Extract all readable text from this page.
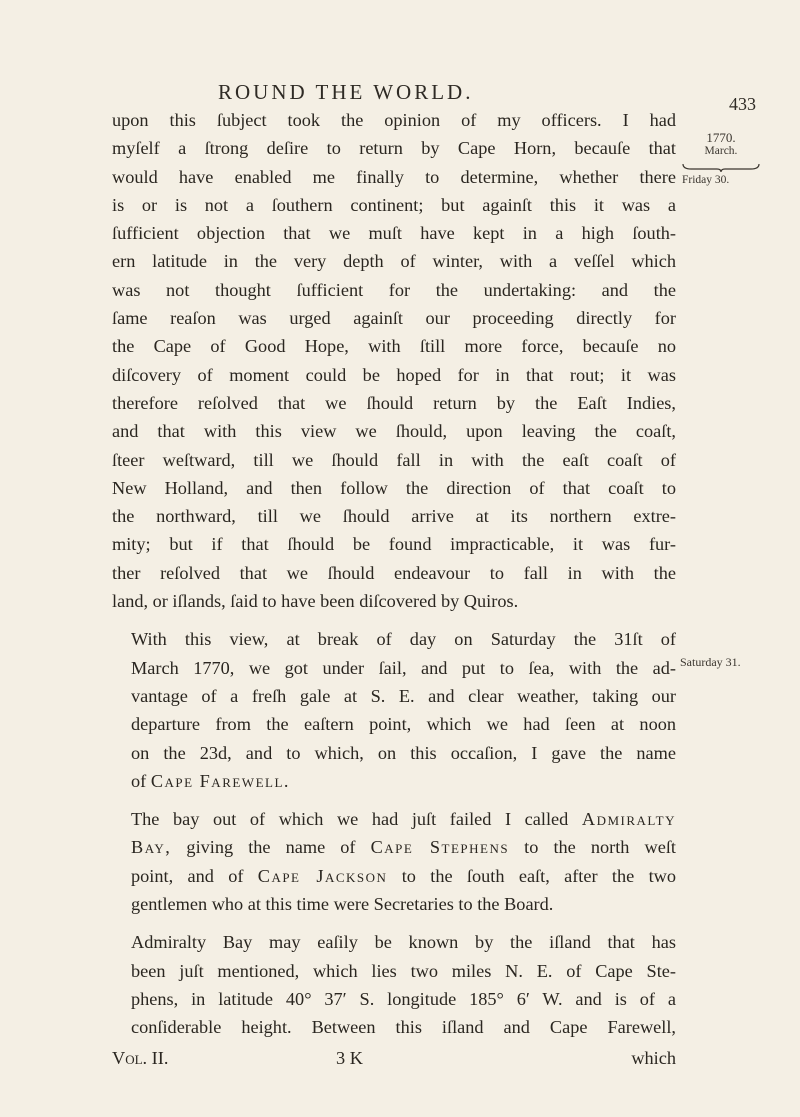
ROUND THE WORLD.	433
1770.
March.
Friday 30.
Saturday 31.

upon this ſubject took the opinion of my officers. I had
myſelf a ſtrong deſire to return by Cape Horn, becauſe that
would have enabled me finally to determine, whether there
is or is not a ſouthern continent; but againſt this it was a
ſufficient objection that we muſt have kept in a high ſouth-
ern latitude in the very depth of winter, with a veſſel which
was not thought ſufficient for the undertaking: and the
ſame reaſon was urged againſt our proceeding directly for
the Cape of Good Hope, with ſtill more force, becauſe no
diſcovery of moment could be hoped for in that rout; it was
therefore reſolved that we ſhould return by the Eaſt Indies,
and that with this view we ſhould, upon leaving the coaſt,
ſteer weſtward, till we ſhould fall in with the eaſt coaſt of
New Holland, and then follow the direction of that coaſt to
the northward, till we ſhould arrive at its northern extre-
mity; but if that ſhould be found impracticable, it was fur-
ther reſolved that we ſhould endeavour to fall in with the
land, or iſlands, ſaid to have been diſcovered by Quiros.

With this view, at break of day on Saturday the 31ſt of
March 1770, we got under ſail, and put to ſea, with the ad-
vantage of a freſh gale at S. E. and clear weather, taking our
departure from the eaſtern point, which we had ſeen at noon
on the 23d, and to which, on this occaſion, I gave the name
of Cape Farewell.

The bay out of which we had juſt failed I called Admiralty
Bay, giving the name of Cape Stephens to the north weſt
point, and of Cape Jackson to the ſouth eaſt, after the two
gentlemen who at this time were Secretaries to the Board.

Admiralty Bay may eaſily be known by the iſland that has
been juſt mentioned, which lies two miles N. E. of Cape Ste-
phens, in latitude 40° 37′ S. longitude 185° 6′ W. and is of a
conſiderable height. Between this iſland and Cape Farewell,

Vol. II.	3 K	which
